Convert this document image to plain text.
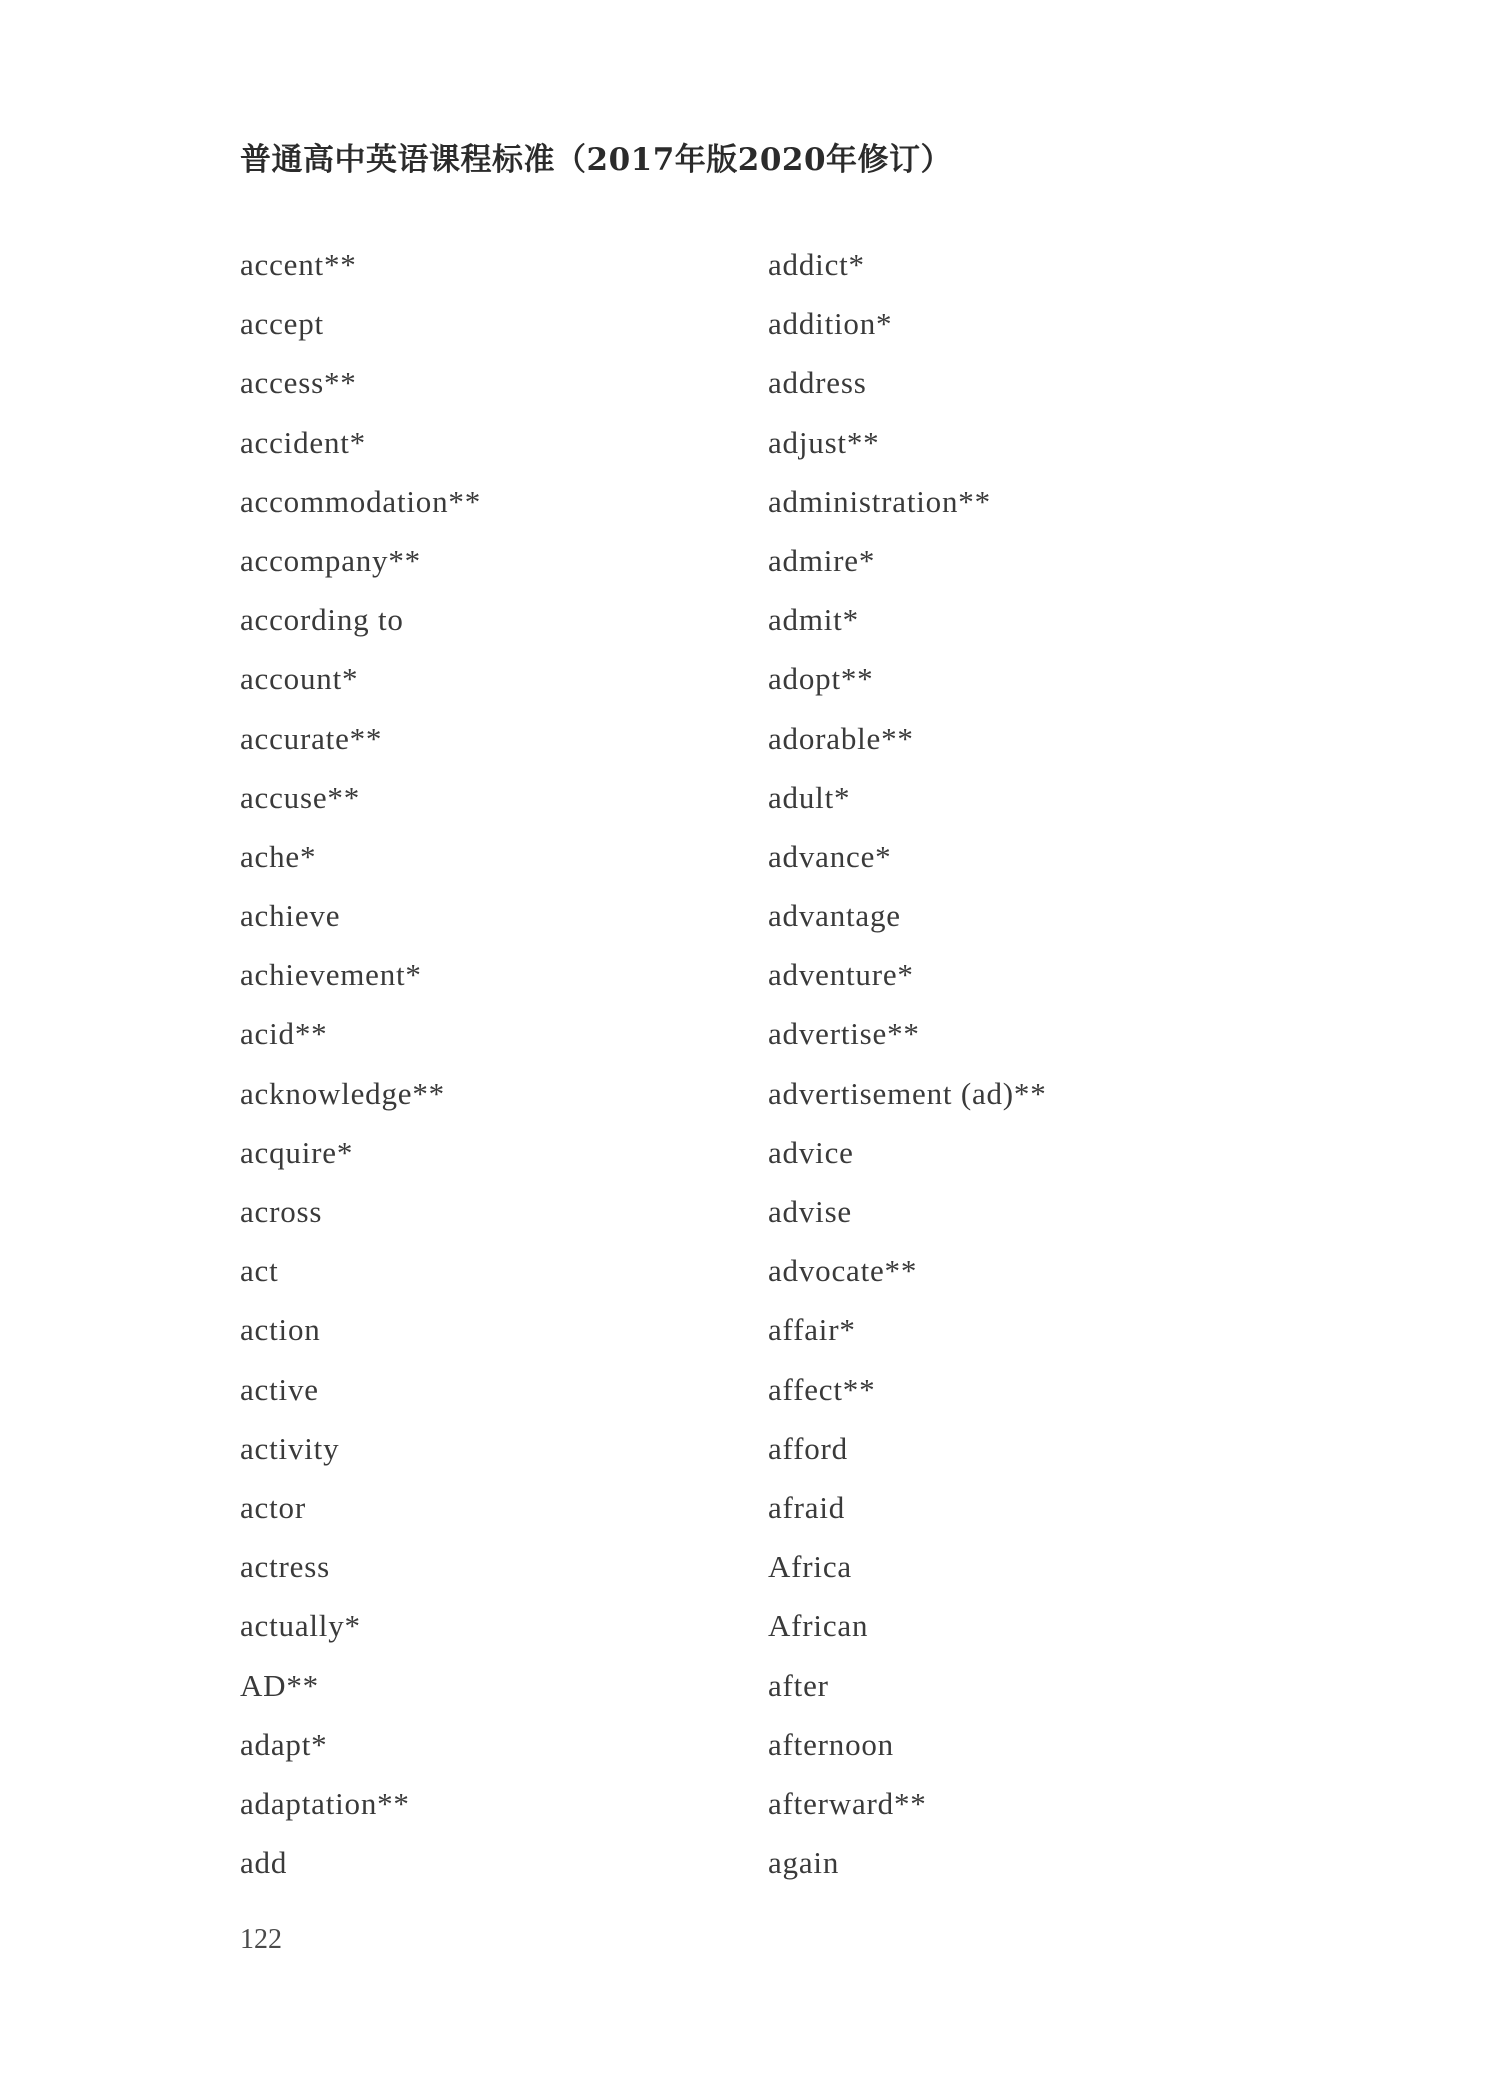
普通高中英语课程标准（2017年版2020年修订）
accent**
accept
access**
accident*
accommodation**
accompany**
according to
account*
accurate**
accuse**
ache*
achieve
achievement*
acid**
acknowledge**
acquire*
across
act
action
active
activity
actor
actress
actually*
AD**
adapt*
adaptation**
add
addict*
addition*
address
adjust**
administration**
admire*
admit*
adopt**
adorable**
adult*
advance*
advantage
adventure*
advertise**
advertisement (ad)**
advice
advise
advocate**
affair*
affect**
afford
afraid
Africa
African
after
afternoon
afterward**
again
122
